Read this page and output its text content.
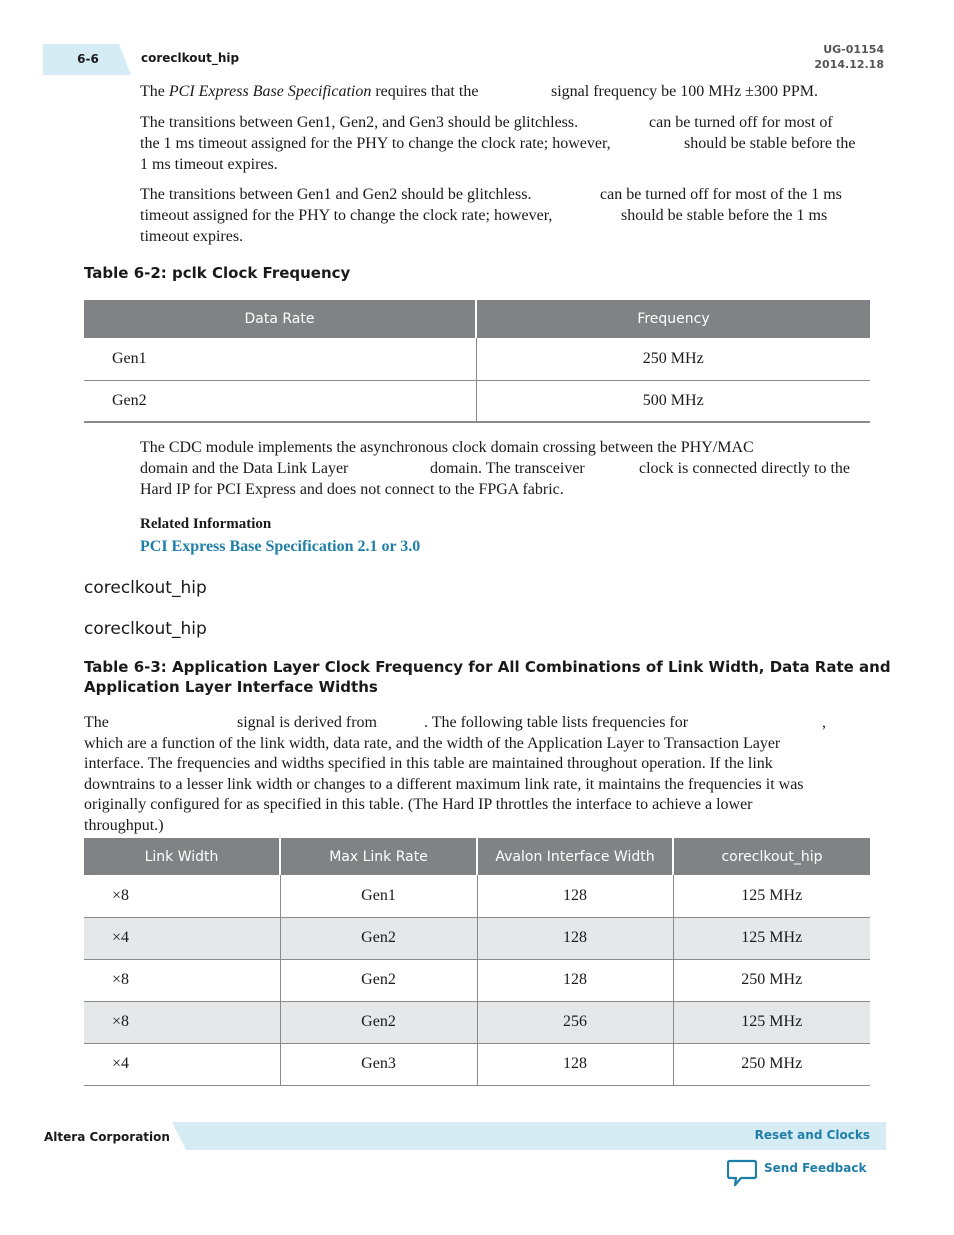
6-6	coreclkout_hip
UG-01154
2014.12.18

The PCI Express Base Specification requires that the	signal frequency be 100 MHz ±300 PPM.

The transitions between Gen1, Gen2, and Gen3 should be glitchless.	can be turned off for most of

the 1 ms timeout assigned for the PHY to change the clock rate; however,	should be stable before the

1 ms timeout expires.

The transitions between Gen1 and Gen2 should be glitchless.	can be turned off for most of the 1 ms

timeout assigned for the PHY to change the clock rate; however,	should be stable before the 1 ms

timeout expires.

Table 6-2: pclk Clock Frequency
Data Rate	Frequency
Gen1	250 MHz
Gen2	500 MHz

The CDC module implements the asynchronous clock domain crossing between the PHY/MAC

domain and the Data Link Layer	domain. The transceiver	clock is connected directly to the

Hard IP for PCI Express and does not connect to the FPGA fabric.

Related Information
PCI Express Base Specification 2.1 or 3.0
coreclkout_hip
coreclkout_hip
Table 6-3: Application Layer Clock Frequency for All Combinations of Link Width, Data Rate and
Application Layer Interface Widths

The	signal is derived from	. The following table lists frequencies for	,

which are a function of the link width, data rate, and the width of the Application Layer to Transaction Layer

interface. The frequencies and widths specified in this table are maintained throughout operation. If the link

downtrains to a lesser link width or changes to a different maximum link rate, it maintains the frequencies it was

originally configured for as specified in this table. (The Hard IP throttles the interface to achieve a lower

throughput.)

Link Width	Max Link Rate	Avalon Interface Width	coreclkout_hip
×8	Gen1	128	125 MHz
×4	Gen2	128	125 MHz
×8	Gen2	128	250 MHz
×8	Gen2	256	125 MHz
×4	Gen3	128	250 MHz
Altera Corporation	Reset and Clocks
Send Feedback
